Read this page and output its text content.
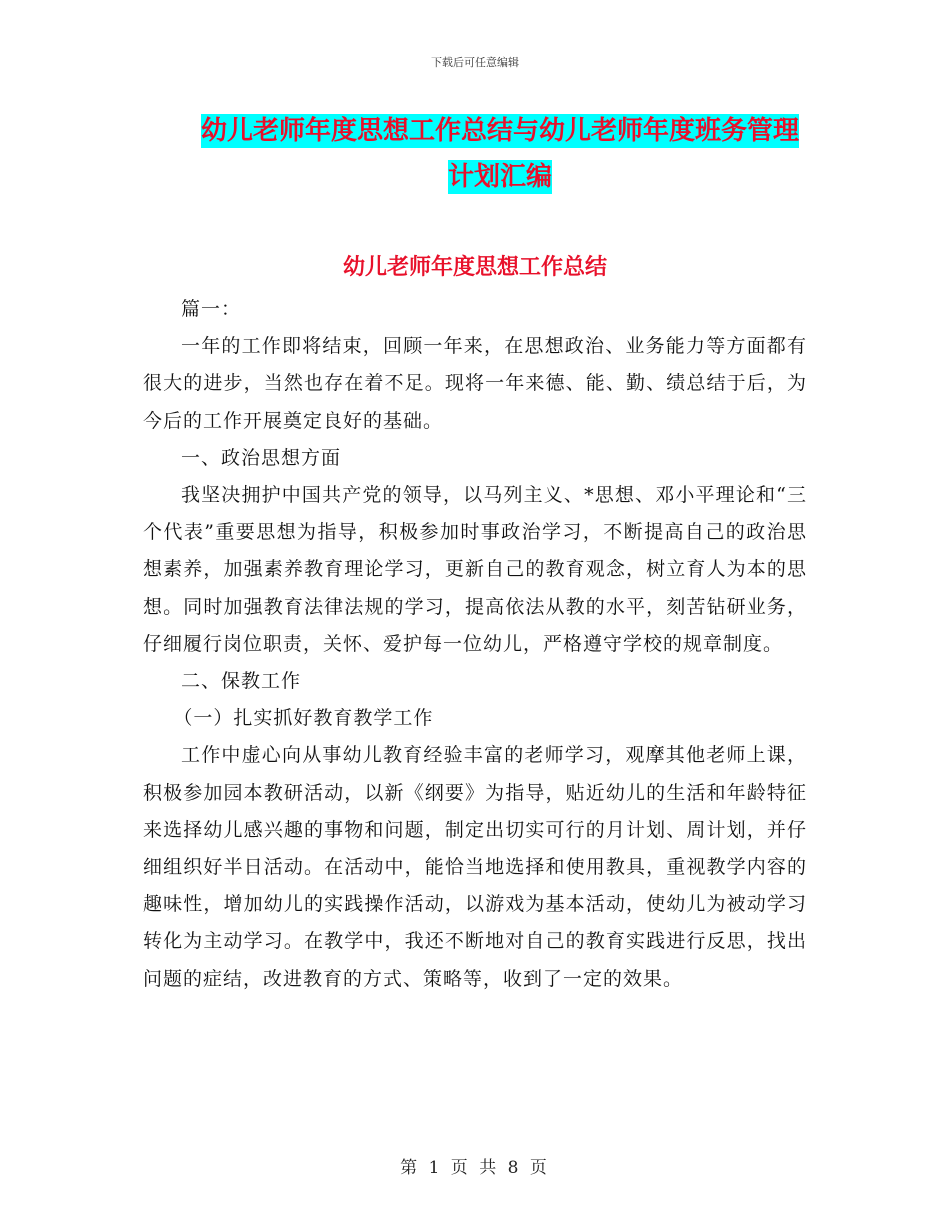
下载后可任意编辑
幼儿老师年度思想工作总结与幼儿老师年度班务管理
计划汇编
幼儿老师年度思想工作总结

篇一：

一年的工作即将结束，回顾一年来，在思想政治、业务能力等方面都有很大的进步，当然也存在着不足。现将一年来德、能、勤、绩总结于后，为今后的工作开展奠定良好的基础。

一、政治思想方面

我坚决拥护中国共产党的领导，以马列主义、*思想、邓小平理论和“三个代表”重要思想为指导，积极参加时事政治学习，不断提高自己的政治思想素养，加强素养教育理论学习，更新自己的教育观念，树立育人为本的思想。同时加强教育法律法规的学习，提高依法从教的水平，刻苦钻研业务，仔细履行岗位职责，关怀、爱护每一位幼儿，严格遵守学校的规章制度。

二、保教工作

（一）扎实抓好教育教学工作

工作中虚心向从事幼儿教育经验丰富的老师学习，观摩其他老师上课，积极参加园本教研活动，以新《纲要》为指导，贴近幼儿的生活和年龄特征来选择幼儿感兴趣的事物和问题，制定出切实可行的月计划、周计划，并仔细组织好半日活动。在活动中，能恰当地选择和使用教具，重视教学内容的趣味性，增加幼儿的实践操作活动，以游戏为基本活动，使幼儿为被动学习转化为主动学习。在教学中，我还不断地对自己的教育实践进行反思，找出问题的症结，改进教育的方式、策略等，收到了一定的效果。

第 1 页 共 8 页
